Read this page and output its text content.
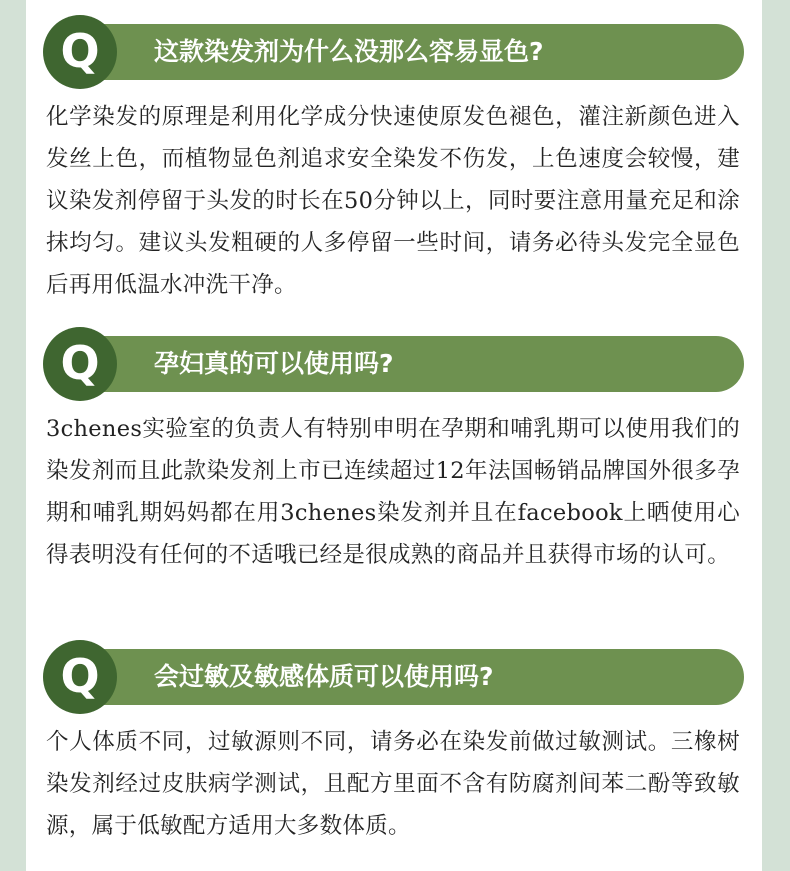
这款染发剂为什么没那么容易显色?
Q

化学染发的原理是利用化学成分快速使原发色褪色，灌注新颜色进入发丝上色，而植物显色剂追求安全染发不伤发，上色速度会较慢，建议染发剂停留于头发的时长在50分钟以上，同时要注意用量充足和涂抹均匀。建议头发粗硬的人多停留一些时间，请务必待头发完全显色后再用低温水冲洗干净。

孕妇真的可以使用吗?
Q

3chenes实验室的负责人有特别申明在孕期和哺乳期可以使用我们的染发剂而且此款染发剂上市已连续超过12年法国畅销品牌国外很多孕期和哺乳期妈妈都在用3chenes染发剂并且在facebook上晒使用心得表明没有任何的不适哦已经是很成熟的商品并且获得市场的认可。

会过敏及敏感体质可以使用吗?
Q

个人体质不同，过敏源则不同，请务必在染发前做过敏测试。三橡树染发剂经过皮肤病学测试，且配方里面不含有防腐剂间苯二酚等致敏源，属于低敏配方适用大多数体质。
